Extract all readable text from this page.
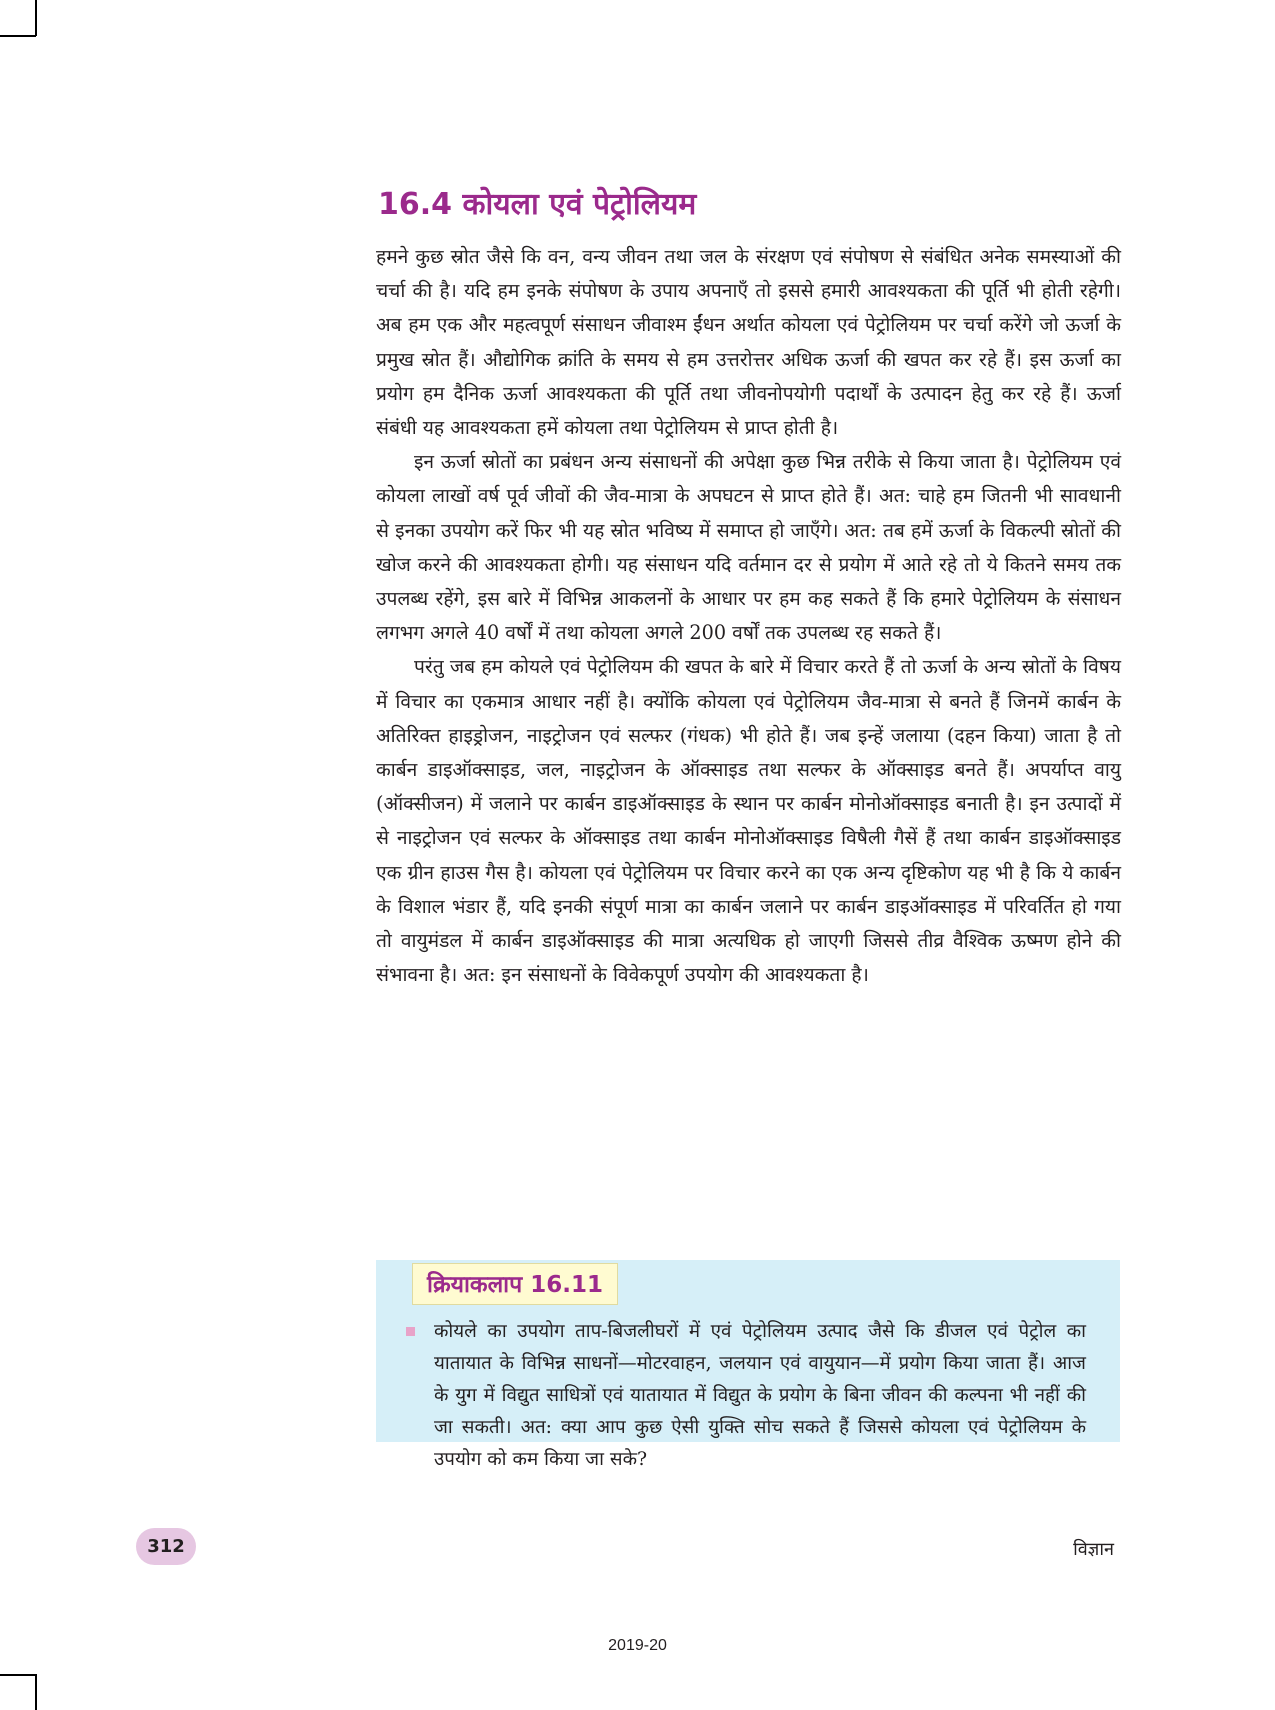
16.4 कोयला एवं पेट्रोलियम

हमने कुछ स्रोत जैसे कि वन, वन्य जीवन तथा जल के संरक्षण एवं संपोषण से संबंधित अनेक समस्याओं की चर्चा की है। यदि हम इनके संपोषण के उपाय अपनाएँ तो इससे हमारी आवश्यकता की पूर्ति भी होती रहेगी। अब हम एक और महत्वपूर्ण संसाधन जीवाश्म ईंधन अर्थात कोयला एवं पेट्रोलियम पर चर्चा करेंगे जो ऊर्जा के प्रमुख स्रोत हैं। औद्योगिक क्रांति के समय से हम उत्तरोत्तर अधिक ऊर्जा की खपत कर रहे हैं। इस ऊर्जा का प्रयोग हम दैनिक ऊर्जा आवश्यकता की पूर्ति तथा जीवनोपयोगी पदार्थों के उत्पादन हेतु कर रहे हैं। ऊर्जा संबंधी यह आवश्यकता हमें कोयला तथा पेट्रोलियम से प्राप्त होती है।

इन ऊर्जा स्रोतों का प्रबंधन अन्य संसाधनों की अपेक्षा कुछ भिन्न तरीके से किया जाता है। पेट्रोलियम एवं कोयला लाखों वर्ष पूर्व जीवों की जैव-मात्रा के अपघटन से प्राप्त होते हैं। अत: चाहे हम जितनी भी सावधानी से इनका उपयोग करें फिर भी यह स्रोत भविष्य में समाप्त हो जाएँगे। अत: तब हमें ऊर्जा के विकल्पी स्रोतों की खोज करने की आवश्यकता होगी। यह संसाधन यदि वर्तमान दर से प्रयोग में आते रहे तो ये कितने समय तक उपलब्ध रहेंगे, इस बारे में विभिन्न आकलनों के आधार पर हम कह सकते हैं कि हमारे पेट्रोलियम के संसाधन लगभग अगले 40 वर्षों में तथा कोयला अगले 200 वर्षों तक उपलब्ध रह सकते हैं।

परंतु जब हम कोयले एवं पेट्रोलियम की खपत के बारे में विचार करते हैं तो ऊर्जा के अन्य स्रोतों के विषय में विचार का एकमात्र आधार नहीं है। क्योंकि कोयला एवं पेट्रोलियम जैव-मात्रा से बनते हैं जिनमें कार्बन के अतिरिक्त हाइड्रोजन, नाइट्रोजन एवं सल्फर (गंधक) भी होते हैं। जब इन्हें जलाया (दहन किया) जाता है तो कार्बन डाइऑक्साइड, जल, नाइट्रोजन के ऑक्साइड तथा सल्फर के ऑक्साइड बनते हैं। अपर्याप्त वायु (ऑक्सीजन) में जलाने पर कार्बन डाइऑक्साइड के स्थान पर कार्बन मोनोऑक्साइड बनाती है। इन उत्पादों में से नाइट्रोजन एवं सल्फर के ऑक्साइड तथा कार्बन मोनोऑक्साइड विषैली गैसें हैं तथा कार्बन डाइऑक्साइड एक ग्रीन हाउस गैस है। कोयला एवं पेट्रोलियम पर विचार करने का एक अन्य दृष्टिकोण यह भी है कि ये कार्बन के विशाल भंडार हैं, यदि इनकी संपूर्ण मात्रा का कार्बन जलाने पर कार्बन डाइऑक्साइड में परिवर्तित हो गया तो वायुमंडल में कार्बन डाइऑक्साइड की मात्रा अत्यधिक हो जाएगी जिससे तीव्र वैश्विक ऊष्मण होने की संभावना है। अत: इन संसाधनों के विवेकपूर्ण उपयोग की आवश्यकता है।

क्रियाकलाप 16.11
कोयले का उपयोग ताप-बिजलीघरों में एवं पेट्रोलियम उत्पाद जैसे कि डीजल एवं पेट्रोल का यातायात के विभिन्न साधनों—मोटरवाहन, जलयान एवं वायुयान—में प्रयोग किया जाता हैं। आज के युग में विद्युत साधित्रों एवं यातायात में विद्युत के प्रयोग के बिना जीवन की कल्पना भी नहीं की जा सकती। अत: क्या आप कुछ ऐसी युक्ति सोच सकते हैं जिससे कोयला एवं पेट्रोलियम के उपयोग को कम किया जा सके?
312	विज्ञान
2019-20
